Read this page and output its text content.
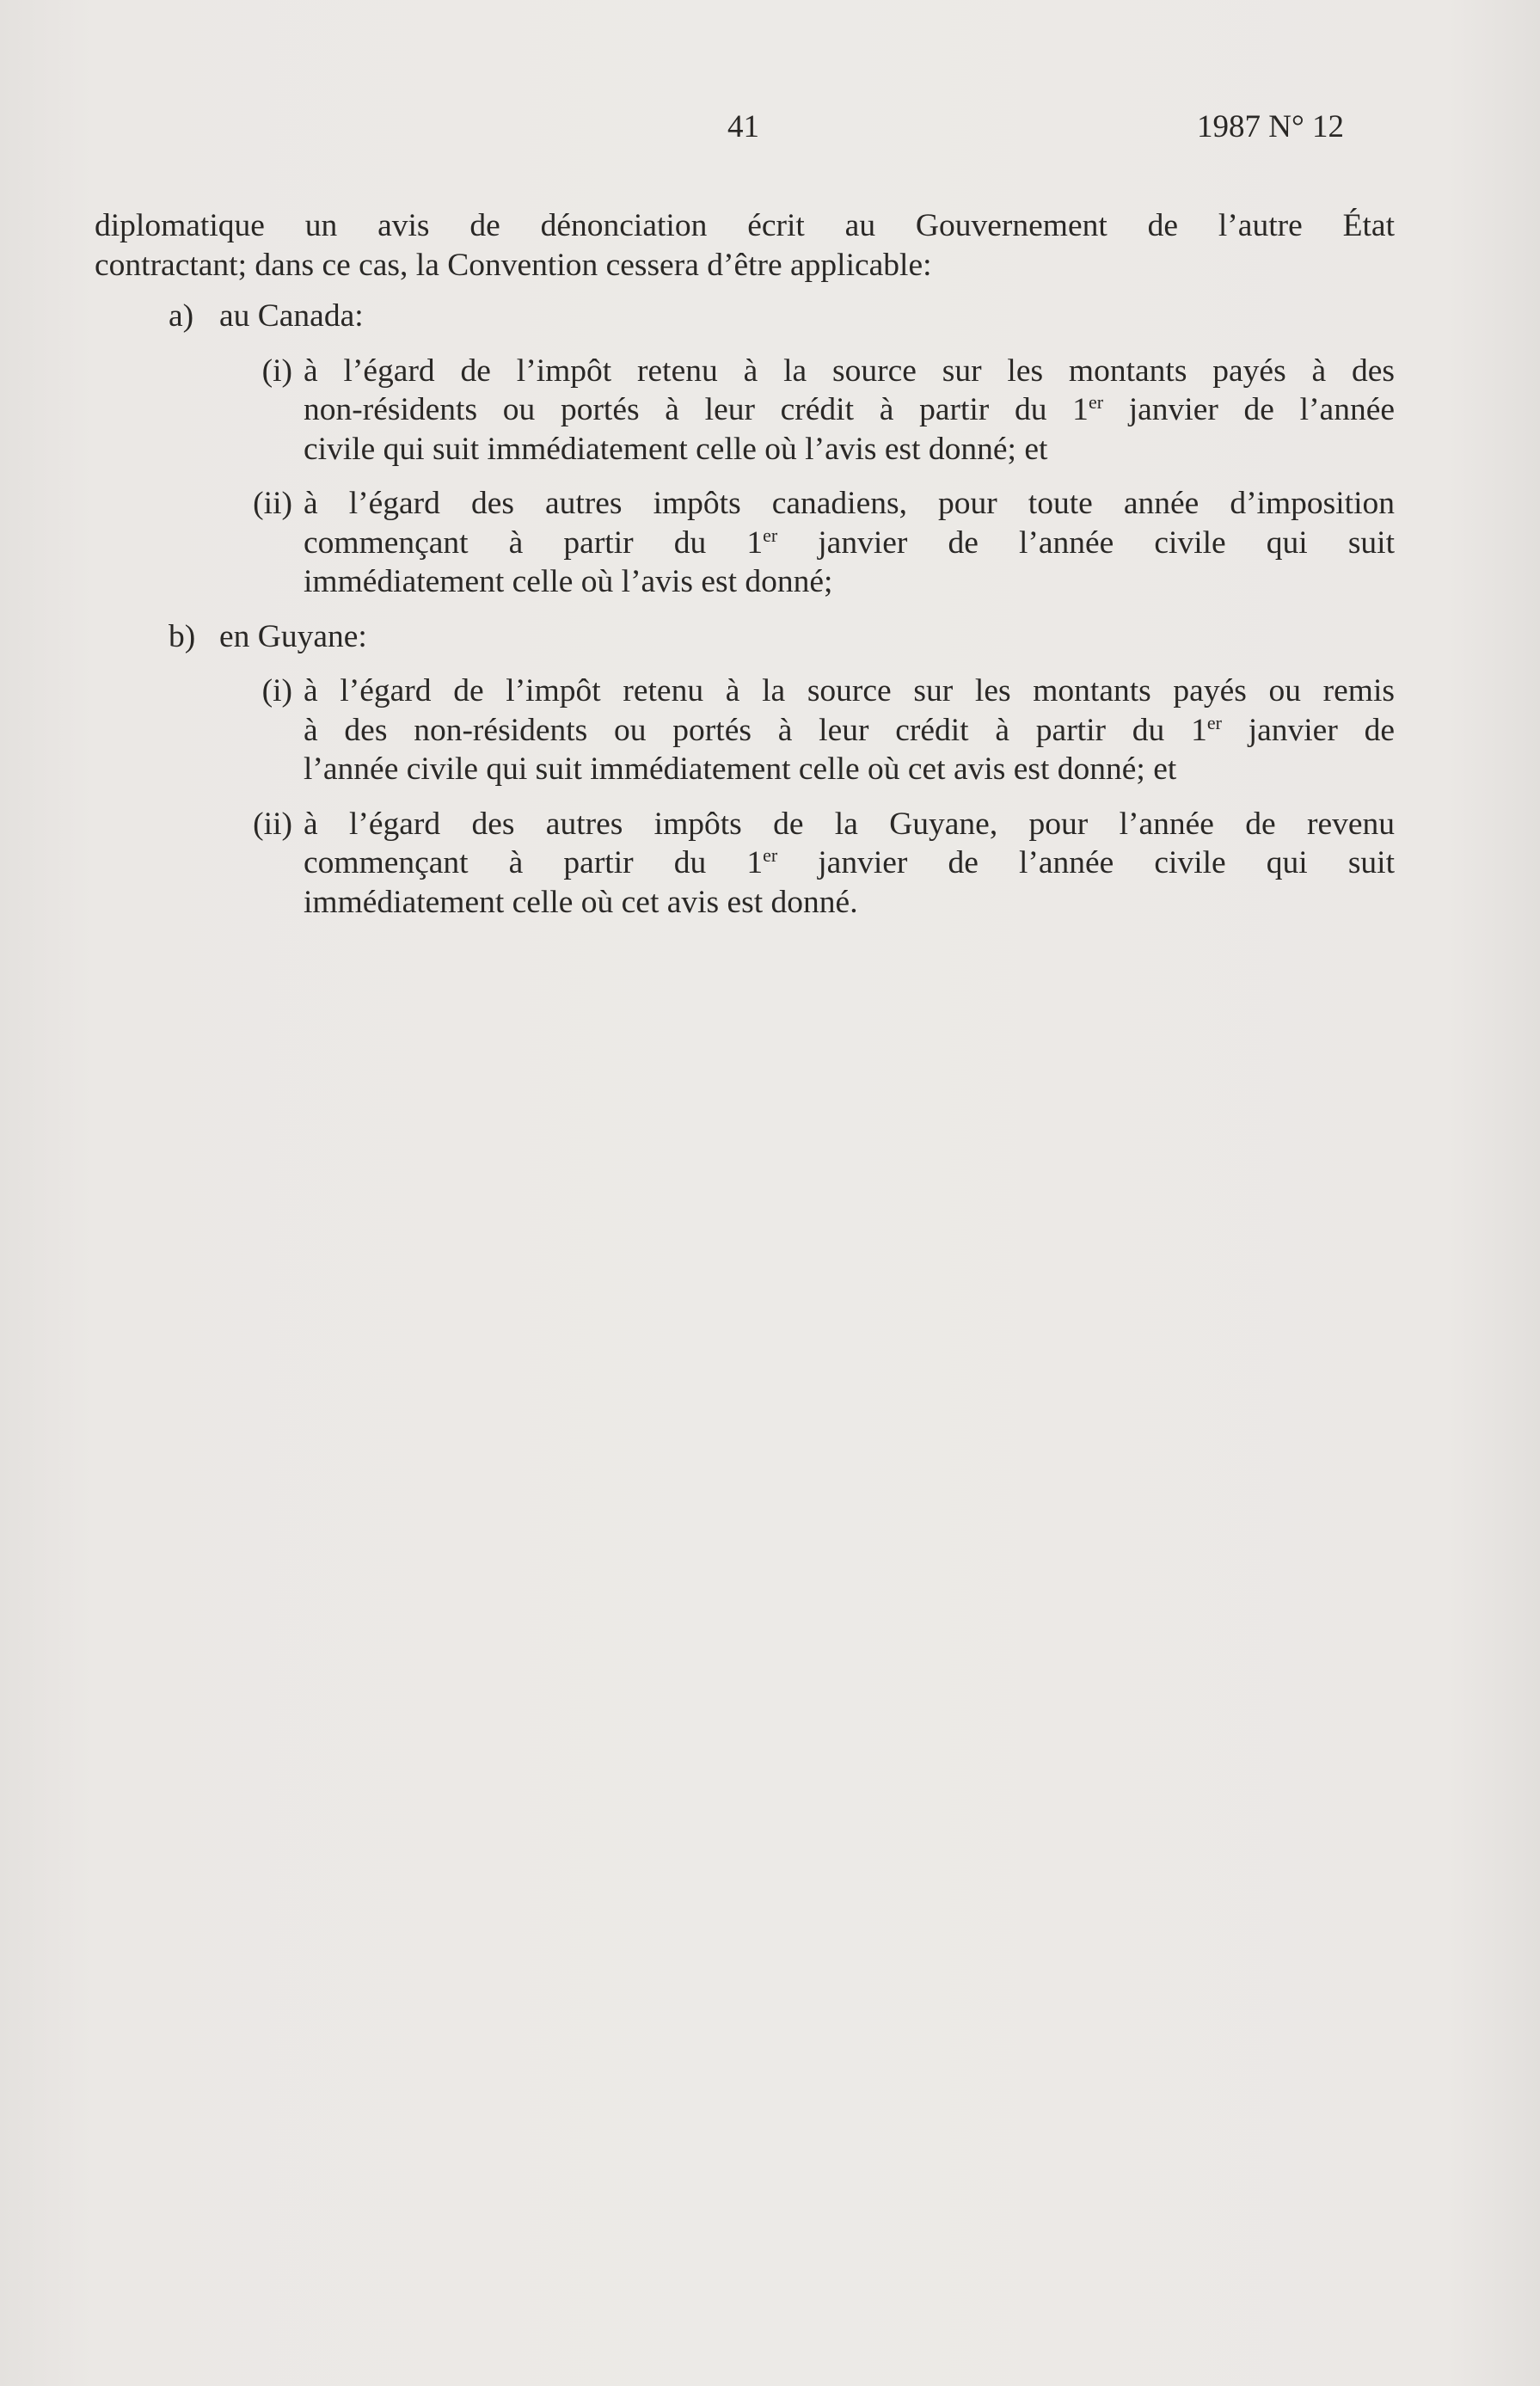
41	1987 N° 12

diplomatique un avis de dénonciation écrit au Gouvernement de l’autre État

contractant; dans ce cas, la Convention cessera d’être applicable:

a) au Canada:
(i) à l’égard de l’impôt retenu à la source sur les montants payés à des

non-résidents ou portés à leur crédit à partir du 1er janvier de l’année

civile qui suit immédiatement celle où l’avis est donné; et

(ii) à l’égard des autres impôts canadiens, pour toute année d’imposition

commençant à partir du 1er janvier de l’année civile qui suit

immédiatement celle où l’avis est donné;

b) en Guyane:
(i) à l’égard de l’impôt retenu à la source sur les montants payés ou remis

à des non-résidents ou portés à leur crédit à partir du 1er janvier de

l’année civile qui suit immédiatement celle où cet avis est donné; et

(ii) à l’égard des autres impôts de la Guyane, pour l’année de revenu

commençant à partir du 1er janvier de l’année civile qui suit

immédiatement celle où cet avis est donné.
